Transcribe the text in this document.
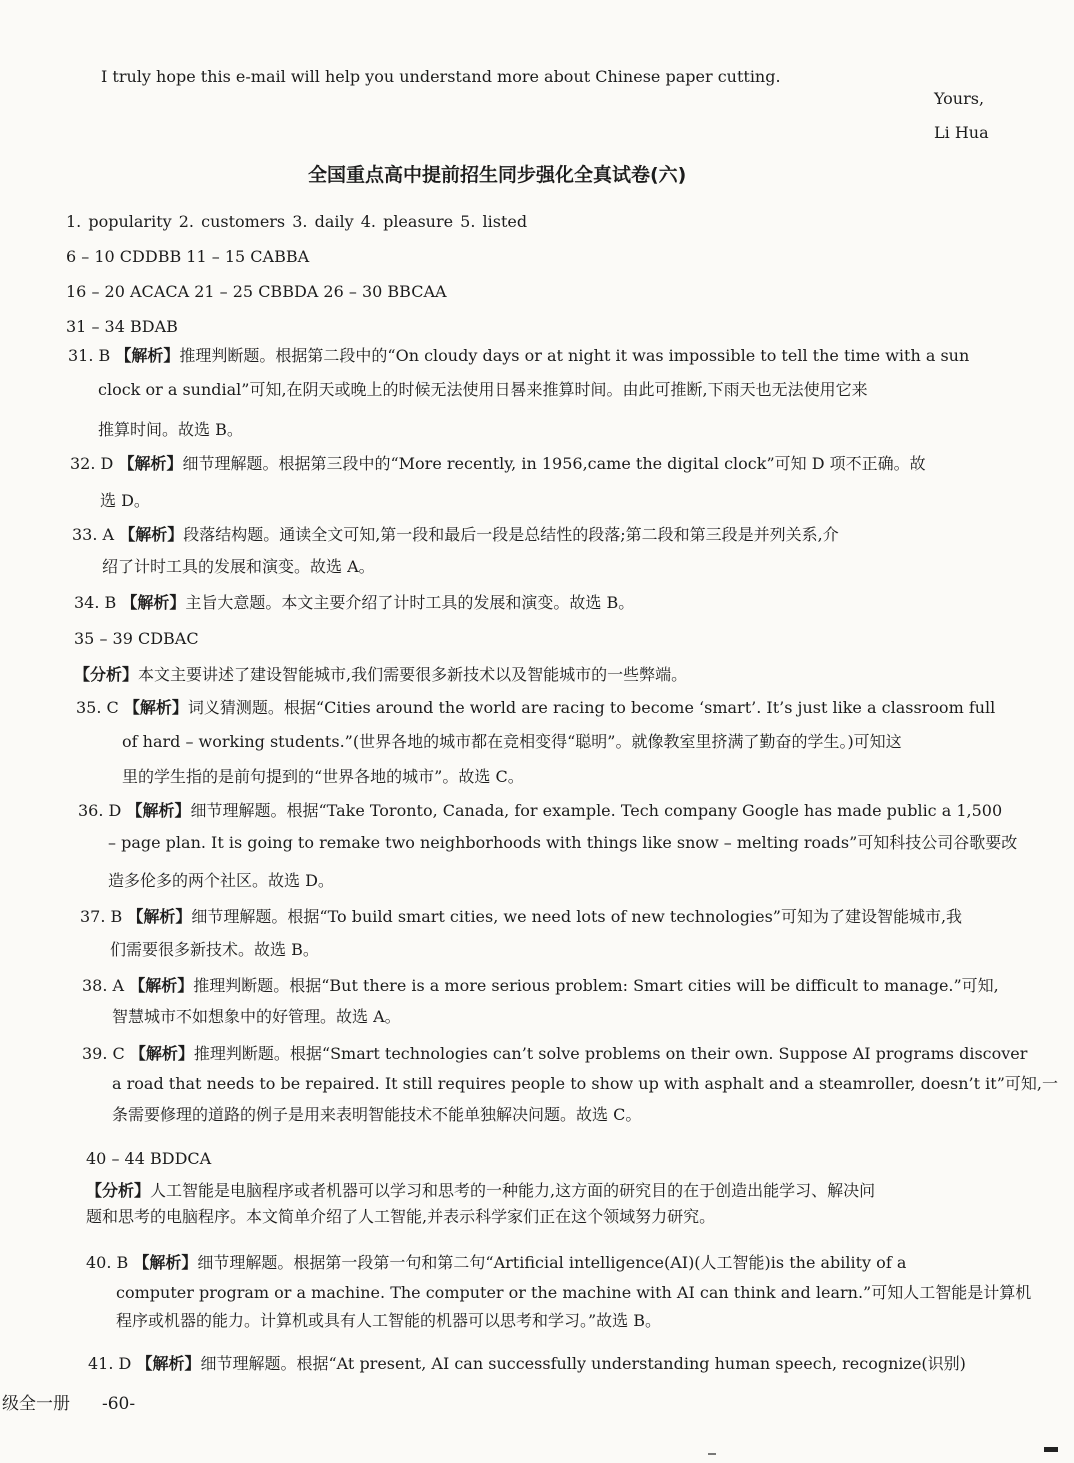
I truly hope this e-mail will help you understand more about Chinese paper cutting.
Yours,
Li Hua
全国重点高中提前招生同步强化全真试卷(六)
1. popularity 2. customers 3. daily 4. pleasure 5. listed
6 – 10 CDDBB 11 – 15 CABBA
16 – 20 ACACA 21 – 25 CBBDA 26 – 30 BBCAA
31 – 34 BDAB
31. B 【解析】推理判断题。根据第二段中的“On cloudy days or at night it was impossible to tell the time with a sun
clock or a sundial”可知,在阴天或晚上的时候无法使用日晷来推算时间。由此可推断,下雨天也无法使用它来
推算时间。故选 B。
32. D 【解析】细节理解题。根据第三段中的“More recently, in 1956,came the digital clock”可知 D 项不正确。故
选 D。
33. A 【解析】段落结构题。通读全文可知,第一段和最后一段是总结性的段落;第二段和第三段是并列关系,介
绍了计时工具的发展和演变。故选 A。
34. B 【解析】主旨大意题。本文主要介绍了计时工具的发展和演变。故选 B。
35 – 39 CDBAC
【分析】本文主要讲述了建设智能城市,我们需要很多新技术以及智能城市的一些弊端。
35. C 【解析】词义猜测题。根据“Cities around the world are racing to become ‘smart’. It’s just like a classroom full
of hard – working students.”(世界各地的城市都在竞相变得“聪明”。就像教室里挤满了勤奋的学生。)可知这
里的学生指的是前句提到的“世界各地的城市”。故选 C。
36. D 【解析】细节理解题。根据“Take Toronto, Canada, for example. Tech company Google has made public a 1,500
– page plan. It is going to remake two neighborhoods with things like snow – melting roads”可知科技公司谷歌要改
造多伦多的两个社区。故选 D。
37. B 【解析】细节理解题。根据“To build smart cities, we need lots of new technologies”可知为了建设智能城市,我
们需要很多新技术。故选 B。
38. A 【解析】推理判断题。根据“But there is a more serious problem: Smart cities will be difficult to manage.”可知,
智慧城市不如想象中的好管理。故选 A。
39. C 【解析】推理判断题。根据“Smart technologies can’t solve problems on their own. Suppose AI programs discover
a road that needs to be repaired. It still requires people to show up with asphalt and a steamroller, doesn’t it”可知,一
条需要修理的道路的例子是用来表明智能技术不能单独解决问题。故选 C。
40 – 44 BDDCA
【分析】人工智能是电脑程序或者机器可以学习和思考的一种能力,这方面的研究目的在于创造出能学习、解决问
题和思考的电脑程序。本文简单介绍了人工智能,并表示科学家们正在这个领域努力研究。
40. B 【解析】细节理解题。根据第一段第一句和第二句“Artificial intelligence(AI)(人工智能)is the ability of a
computer program or a machine. The computer or the machine with AI can think and learn.”可知人工智能是计算机
程序或机器的能力。计算机或具有人工智能的机器可以思考和学习。”故选 B。
41. D 【解析】细节理解题。根据“At present, AI can successfully understanding human speech, recognize(识别)
级全一册 -60-
